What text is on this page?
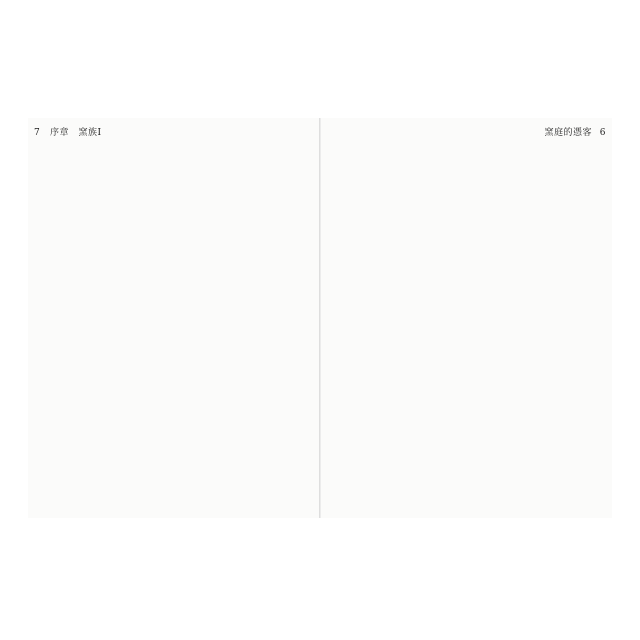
7 序章　窯族Ⅰ	窯庭的憑客 6
